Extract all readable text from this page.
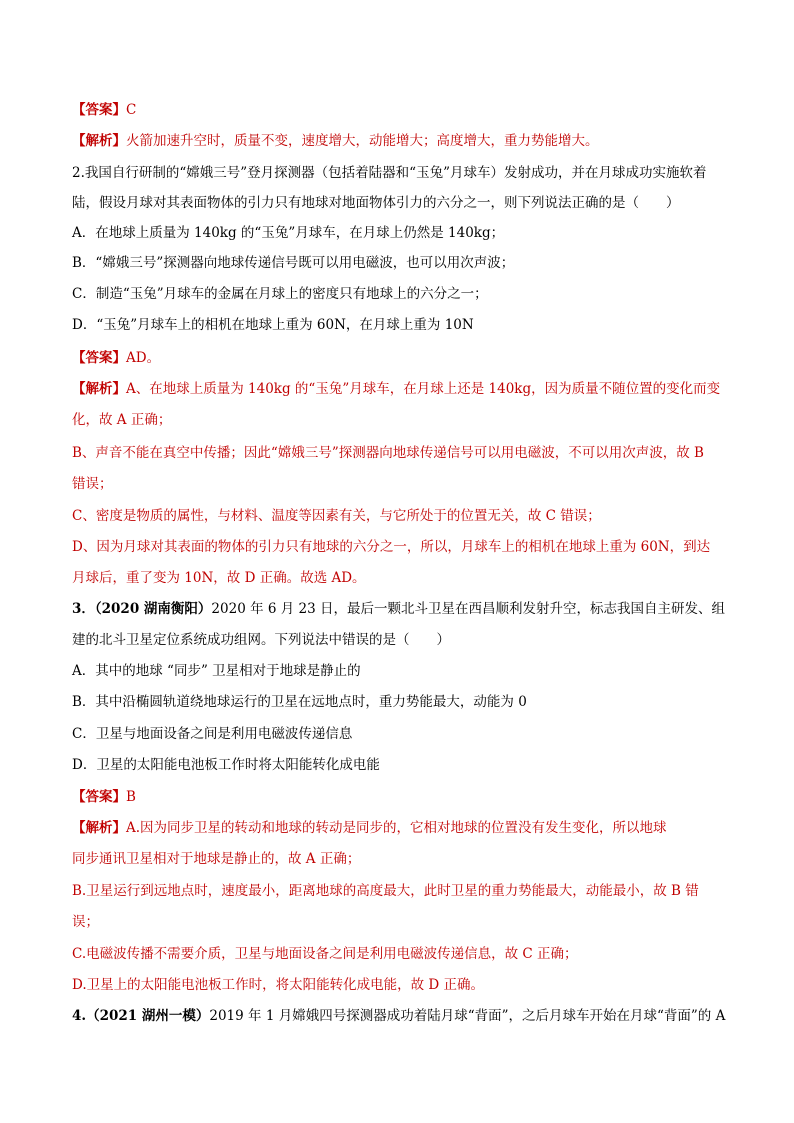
【答案】C
【解析】火箭加速升空时，质量不变，速度增大，动能增大；高度增大，重力势能增大。
2.我国自行研制的“嫦娥三号”登月探测器（包括着陆器和“玉兔”月球车）发射成功，并在月球成功实施软着
陆，假设月球对其表面物体的引力只有地球对地面物体引力的六分之一，则下列说法正确的是（　　）
A．在地球上质量为 140kg 的“玉兔”月球车，在月球上仍然是 140kg；
B．“嫦娥三号”探测器向地球传递信号既可以用电磁波，也可以用次声波；
C．制造“玉兔”月球车的金属在月球上的密度只有地球上的六分之一；
D．“玉兔”月球车上的相机在地球上重为 60N，在月球上重为 10N
【答案】AD。
【解析】A、在地球上质量为 140kg 的“玉兔”月球车，在月球上还是 140kg，因为质量不随位置的变化而变
化，故 A 正确；
B、声音不能在真空中传播；因此“嫦娥三号”探测器向地球传递信号可以用电磁波，不可以用次声波，故 B
错误；
C、密度是物质的属性，与材料、温度等因素有关，与它所处于的位置无关，故 C 错误；
D、因为月球对其表面的物体的引力只有地球的六分之一，所以，月球车上的相机在地球上重为 60N，到达
月球后，重了变为 10N，故 D 正确。故选 AD。
3．（2020 湖南衡阳）2020 年 6 月 23 日，最后一颗北斗卫星在西昌顺利发射升空，标志我国自主研发、组
建的北斗卫星定位系统成功组网。下列说法中错误的是（　　）
A．其中的地球 “同步” 卫星相对于地球是静止的
B．其中沿椭圆轨道绕地球运行的卫星在远地点时，重力势能最大，动能为 0
C．卫星与地面设备之间是利用电磁波传递信息
D．卫星的太阳能电池板工作时将太阳能转化成电能
【答案】B
【解析】A.因为同步卫星的转动和地球的转动是同步的，它相对地球的位置没有发生变化，所以地球
同步通讯卫星相对于地球是静止的，故 A 正确；
B.卫星运行到远地点时，速度最小，距离地球的高度最大，此时卫星的重力势能最大，动能最小，故 B 错
误；
C.电磁波传播不需要介质，卫星与地面设备之间是利用电磁波传递信息，故 C 正确；
D.卫星上的太阳能电池板工作时，将太阳能转化成电能，故 D 正确。
4.（2021 湖州一模）2019 年 1 月嫦娥四号探测器成功着陆月球“背面”，之后月球车开始在月球“背面”的 A
